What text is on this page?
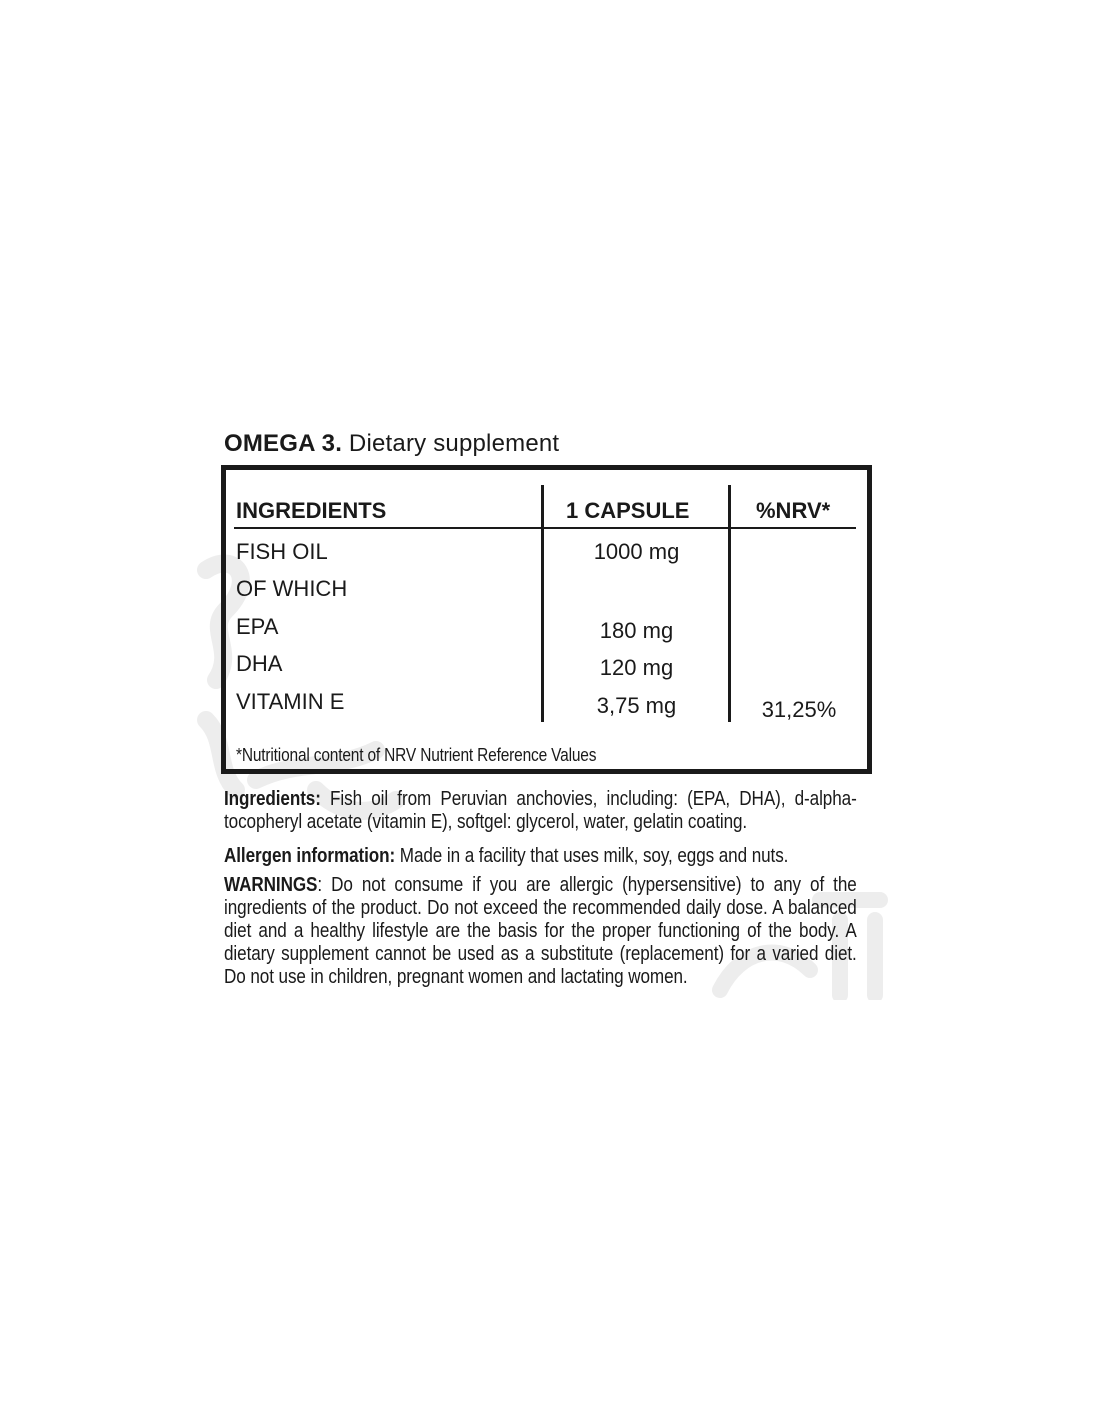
OMEGA 3. Dietary supplement
INGREDIENTS	1 CAPSULE	%NRV*
FISH OIL	1000 mg
OF WHICH
EPA	180 mg
DHA	120 mg
VITAMIN E	3,75 mg	31,25%
*Nutritional content of NRV Nutrient Reference Values
Ingredients: Fish oil from Peruvian anchovies, including: (EPA, DHA), d-alpha-tocopheryl acetate (vitamin E), softgel: glycerol, water, gelatin coating.
Allergen information: Made in a facility that uses milk, soy, eggs and nuts.
WARNINGS: Do not consume if you are allergic (hypersensitive) to any of the ingredients of the product. Do not exceed the recommended daily dose. A balanced diet and a healthy lifestyle are the basis for the proper functioning of the body. A dietary supplement cannot be used as a substitute (replacement) for a varied diet. Do not use in children, pregnant women and lactating women.
